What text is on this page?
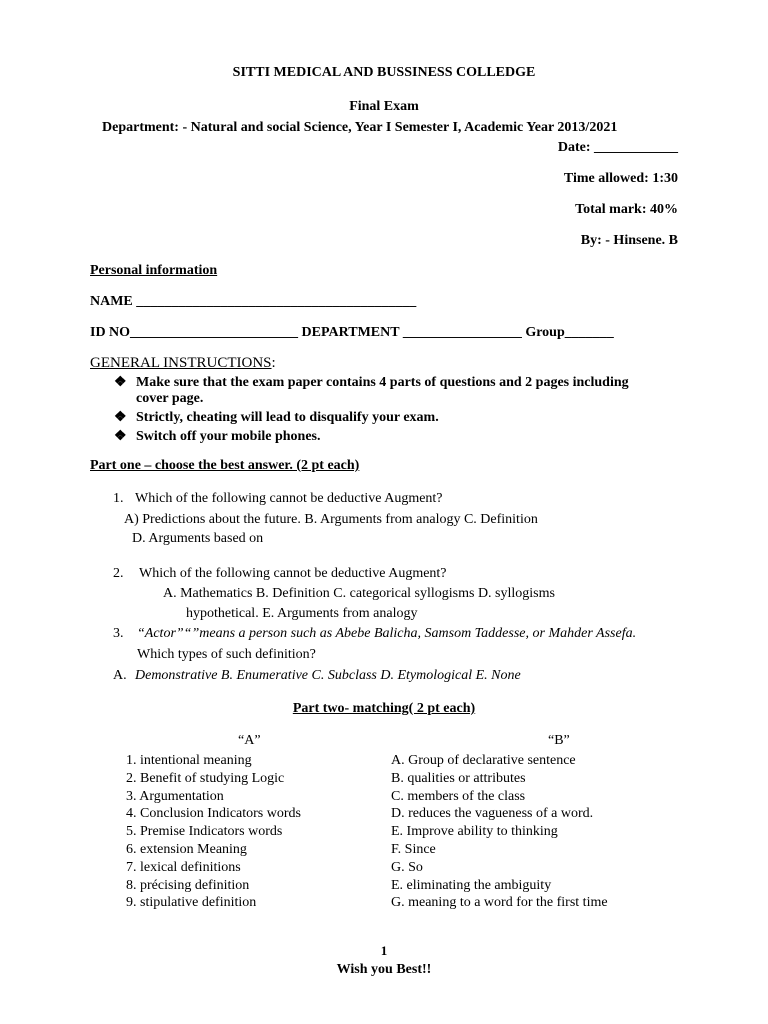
SITTI MEDICAL AND BUSSINESS COLLEDGE
Final Exam
Department: - Natural and social Science, Year I Semester I, Academic Year 2013/2021
Date: ____________
Time allowed: 1:30
Total mark: 40%
By: - Hinsene. B
Personal information
NAME ________________________________________
ID NO________________________ DEPARTMENT _________________ Group_______
GENERAL INSTRUCTIONS:
❖ Make sure that the exam paper contains 4 parts of questions and 2 pages including
cover page.
❖ Strictly, cheating will lead to disqualify your exam.
❖ Switch off your mobile phones.
Part one – choose the best answer. (2 pt each)
1. Which of the following cannot be deductive Augment?
A) Predictions about the future. B. Arguments from analogy C. Definition
D. Arguments based on
2. Which of the following cannot be deductive Augment?
A. Mathematics B. Definition C. categorical syllogisms D. syllogisms
hypothetical. E. Arguments from analogy
3. “Actor”“”means a person such as Abebe Balicha, Samsom Taddesse, or Mahder Assefa.
Which types of such definition?
A. Demonstrative B. Enumerative C. Subclass D. Etymological E. None
Part two- matching( 2 pt each)
“A”	“B”
1. intentional meaning
2. Benefit of studying Logic
3. Argumentation
4. Conclusion Indicators words
5. Premise Indicators words
6. extension Meaning
7. lexical definitions
8. précising definition
9. stipulative definition
A. Group of declarative sentence
B. qualities or attributes
C. members of the class
D. reduces the vagueness of a word.
E. Improve ability to thinking
F. Since
G. So
E. eliminating the ambiguity
G. meaning to a word for the first time
1
Wish you Best!!
